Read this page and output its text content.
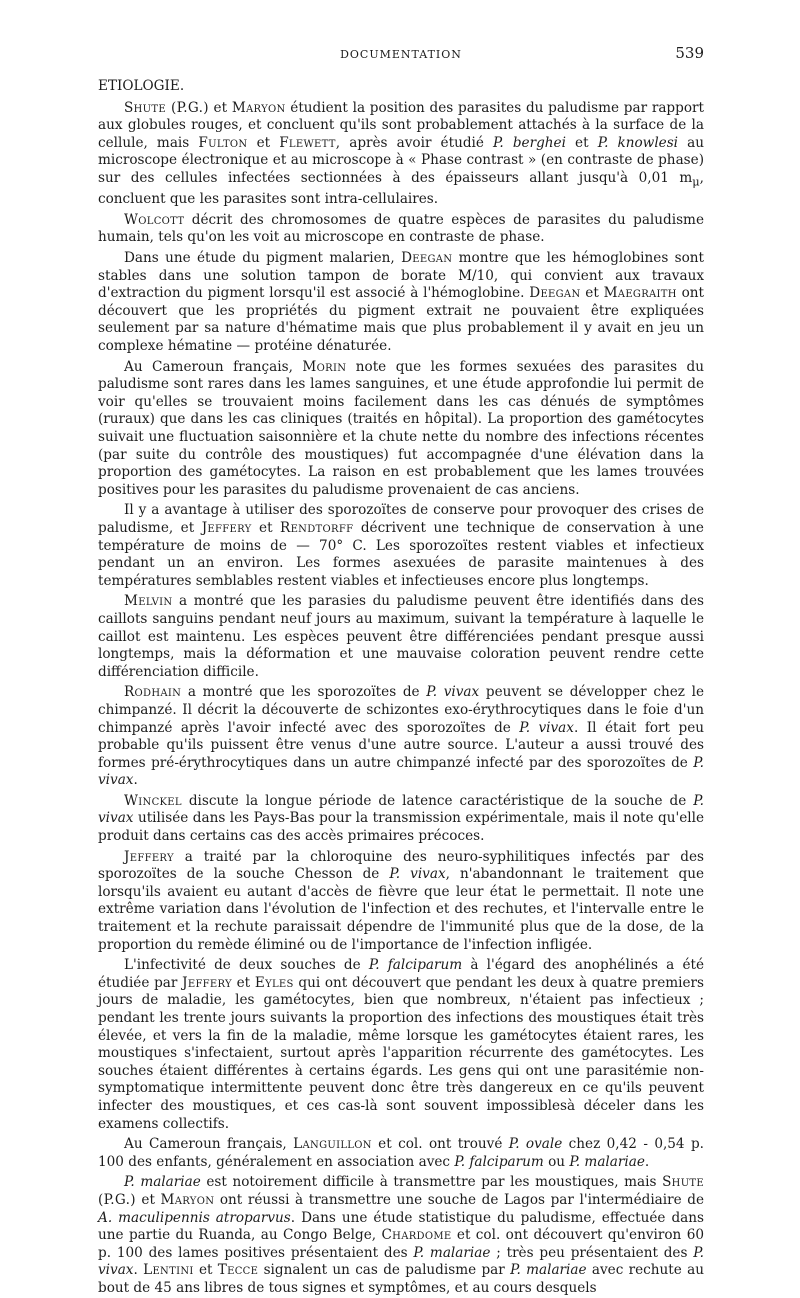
DOCUMENTATION	539
ETIOLOGIE.

Shute (P.G.) et Maryon étudient la position des parasites du paludisme par rapport aux globules rouges, et concluent qu'ils sont probablement attachés à la surface de la cellule, mais Fulton et Flewett, après avoir étudié P. berghei et P. knowlesi au microscope électronique et au microscope à « Phase contrast » (en contraste de phase) sur des cellules infectées sectionnées à des épaisseurs allant jusqu'à 0,01 $m_\mu$, concluent que les parasites sont intra-cellulaires.

Wolcott décrit des chromosomes de quatre espèces de parasites du paludisme humain, tels qu'on les voit au microscope en contraste de phase.

Dans une étude du pigment malarien, Deegan montre que les hémoglobines sont stables dans une solution tampon de borate M/10, qui convient aux travaux d'extraction du pigment lorsqu'il est associé à l'hémoglobine. Deegan et Maegraith ont découvert que les propriétés du pigment extrait ne pouvaient être expliquées seulement par sa nature d'hématime mais que plus probablement il y avait en jeu un complexe hématine — protéine dénaturée.

Au Cameroun français, Morin note que les formes sexuées des parasites du paludisme sont rares dans les lames sanguines, et une étude approfondie lui permit de voir qu'elles se trouvaient moins facilement dans les cas dénués de symptômes (ruraux) que dans les cas cliniques (traités en hôpital). La proportion des gamétocytes suivait une fluctuation saisonnière et la chute nette du nombre des infections récentes (par suite du contrôle des moustiques) fut accompagnée d'une élévation dans la proportion des gamétocytes. La raison en est probablement que les lames trouvées positives pour les parasites du paludisme provenaient de cas anciens.

Il y a avantage à utiliser des sporozoïtes de conserve pour provoquer des crises de paludisme, et Jeffery et Rendtorff décrivent une technique de conservation à une température de moins de — 70° C. Les sporozoïtes restent viables et infectieux pendant un an environ. Les formes asexuées de parasite maintenues à des températures semblables restent viables et infectieuses encore plus longtemps.

Melvin a montré que les parasies du paludisme peuvent être identifiés dans des caillots sanguins pendant neuf jours au maximum, suivant la température à laquelle le caillot est maintenu. Les espèces peuvent être différenciées pendant presque aussi longtemps, mais la déformation et une mauvaise coloration peuvent rendre cette différenciation difficile.

Rodhain a montré que les sporozoïtes de P. vivax peuvent se développer chez le chimpanzé. Il décrit la découverte de schizontes exo-érythrocytiques dans le foie d'un chimpanzé après l'avoir infecté avec des sporozoïtes de P. vivax. Il était fort peu probable qu'ils puissent être venus d'une autre source. L'auteur a aussi trouvé des formes pré-érythrocytiques dans un autre chimpanzé infecté par des sporozoïtes de P. vivax.

Winckel discute la longue période de latence caractéristique de la souche de P. vivax utilisée dans les Pays-Bas pour la transmission expérimentale, mais il note qu'elle produit dans certains cas des accès primaires précoces.

Jeffery a traité par la chloroquine des neuro-syphilitiques infectés par des sporozoïtes de la souche Chesson de P. vivax, n'abandonnant le traitement que lorsqu'ils avaient eu autant d'accès de fièvre que leur état le permettait. Il note une extrême variation dans l'évolution de l'infection et des rechutes, et l'intervalle entre le traitement et la rechute paraissait dépendre de l'immunité plus que de la dose, de la proportion du remède éliminé ou de l'importance de l'infection infligée.

L'infectivité de deux souches de P. falciparum à l'égard des anophélinés a été étudiée par Jeffery et Eyles qui ont découvert que pendant les deux à quatre premiers jours de maladie, les gamétocytes, bien que nombreux, n'étaient pas infectieux ; pendant les trente jours suivants la proportion des infections des moustiques était très élevée, et vers la fin de la maladie, même lorsque les gamétocytes étaient rares, les moustiques s'infectaient, surtout après l'apparition récurrente des gamétocytes. Les souches étaient différentes à certains égards. Les gens qui ont une parasitémie non-symptomatique intermittente peuvent donc être très dangereux en ce qu'ils peuvent infecter des moustiques, et ces cas-là sont souvent impossiblesà déceler dans les examens collectifs.

Au Cameroun français, Languillon et col. ont trouvé P. ovale chez 0,42 - 0,54 p. 100 des enfants, généralement en association avec P. falciparum ou P. malariae.

P. malariae est notoirement difficile à transmettre par les moustiques, mais Shute (P.G.) et Maryon ont réussi à transmettre une souche de Lagos par l'intermédiaire de A. maculipennis atroparvus. Dans une étude statistique du paludisme, effectuée dans une partie du Ruanda, au Congo Belge, Chardome et col. ont découvert qu'environ 60 p. 100 des lames positives présentaient des P. malariae ; très peu présentaient des P. vivax. Lentini et Tecce signalent un cas de paludisme par P. malariae avec rechute au bout de 45 ans libres de tous signes et symptômes, et au cours desquels
